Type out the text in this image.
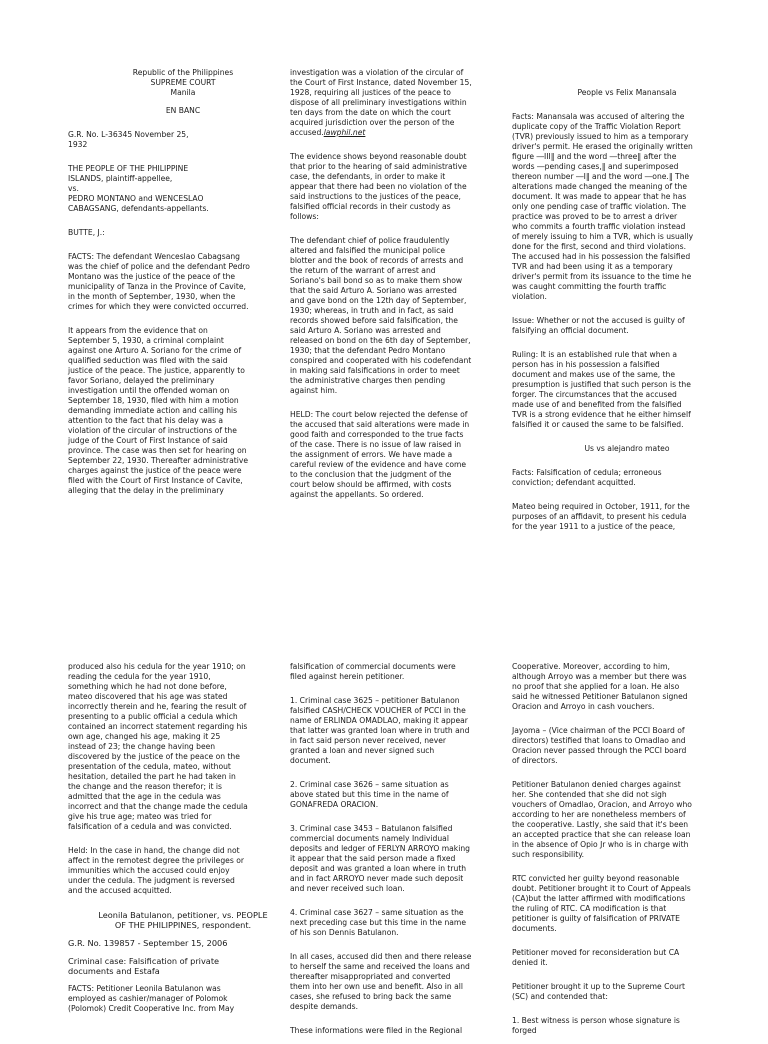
Republic of the Philippines
SUPREME COURT
Manila

EN BANC

G.R. No. L-36345 November 25,
1932

THE PEOPLE OF THE PHILIPPINE
ISLANDS, plaintiff-appellee,
vs.
PEDRO MONTANO and WENCESLAO
CABAGSANG, defendants-appellants.

BUTTE, J.:

FACTS: The defendant Wenceslao Cabagsang
was the chief of police and the defendant Pedro
Montano was the justice of the peace of the
municipality of Tanza in the Province of Cavite,
in the month of September, 1930, when the
crimes for which they were convicted occurred.

It appears from the evidence that on
September 5, 1930, a criminal complaint
against one Arturo A. Soriano for the crime of
qualified seduction was filed with the said
justice of the peace. The justice, apparently to
favor Soriano, delayed the preliminary
investigation until the offended woman on
September 18, 1930, filed with him a motion
demanding immediate action and calling his
attention to the fact that his delay was a
violation of the circular of instructions of the
judge of the Court of First Instance of said
province. The case was then set for hearing on
September 22, 1930. Thereafter administrative
charges against the justice of the peace were
filed with the Court of First Instance of Cavite,
alleging that the delay in the preliminary

investigation was a violation of the circular of
the Court of First Instance, dated November 15,
1928, requiring all justices of the peace to
dispose of all preliminary investigations within
ten days from the date on which the court
acquired jurisdiction over the person of the
accused.lawphil.net

The evidence shows beyond reasonable doubt
that prior to the hearing of said administrative
case, the defendants, in order to make it
appear that there had been no violation of the
said instructions to the justices of the peace,
falsified official records in their custody as
follows:

The defendant chief of police fraudulently
altered and falsified the municipal police
blotter and the book of records of arrests and
the return of the warrant of arrest and
Soriano's bail bond so as to make them show
that the said Arturo A. Soriano was arrested
and gave bond on the 12th day of September,
1930; whereas, in truth and in fact, as said
records showed before said falsification, the
said Arturo A. Soriano was arrested and
released on bond on the 6th day of September,
1930; that the defendant Pedro Montano
conspired and cooperated with his codefendant
in making said falsifications in order to meet
the administrative charges then pending
against him.

HELD: The court below rejected the defense of
the accused that said alterations were made in
good faith and corresponded to the true facts
of the case. There is no issue of law raised in
the assignment of errors. We have made a
careful review of the evidence and have come
to the conclusion that the judgment of the
court below should be affirmed, with costs
against the appellants. So ordered.

People vs Felix Manansala

Facts: Manansala was accused of altering the
duplicate copy of the Traffic Violation Report
(TVR) previously issued to him as a temporary
driver's permit. He erased the originally written
figure ―III‖ and the word ―three‖ after the
words ―pending cases,‖ and superimposed
thereon number ―I‖ and the word ―one.‖ The
alterations made changed the meaning of the
document. It was made to appear that he has
only one pending case of traffic violation. The
practice was proved to be to arrest a driver
who commits a fourth traffic violation instead
of merely issuing to him a TVR, which is usually
done for the first, second and third violations.
The accused had in his possession the falsified
TVR and had been using it as a temporary
driver's permit from its issuance to the time he
was caught committing the fourth traffic
violation.

Issue: Whether or not the accused is guilty of
falsifying an official document.

Ruling: It is an established rule that when a
person has in his possession a falsified
document and makes use of the same, the
presumption is justified that such person is the
forger. The circumstances that the accused
made use of and benefited from the falsified
TVR is a strong evidence that he either himself
falsified it or caused the same to be falsified.

Us vs alejandro mateo

Facts: Falsification of cedula; erroneous
conviction; defendant acquitted.

Mateo being required in October, 1911, for the
purposes of an affidavit, to present his cedula
for the year 1911 to a justice of the peace,

produced also his cedula for the year 1910; on
reading the cedula for the year 1910,
something which he had not done before,
mateo discovered that his age was stated
incorrectly therein and he, fearing the result of
presenting to a public official a cedula which
contained an incorrect statement regarding his
own age, changed his age, making it 25
instead of 23; the change having been
discovered by the justice of the peace on the
presentation of the cedula, mateo, without
hesitation, detailed the part he had taken in
the change and the reason therefor; it is
admitted that the age in the cedula was
incorrect and that the change made the cedula
give his true age; mateo was tried for
falsification of a cedula and was convicted.

Held: In the case in hand, the change did not
affect in the remotest degree the privileges or
immunities which the accused could enjoy
under the cedula. The judgment is reversed
and the accused acquitted.

Leonila Batulanon, petitioner, vs. PEOPLE
OF THE PHILIPPINES, respondent.

G.R. No. 139857 - September 15, 2006

Criminal case: Falsification of private
documents and Estafa

FACTS: Petitioner Leonila Batulanon was
employed as cashier/manager of Polomok
(Polomok) Credit Cooperative Inc. from May

falsification of commercial documents were
filed against herein petitioner.

1. Criminal case 3625 – petitioner Batulanon
falsified CASH/CHECK VOUCHER of PCCI in the
name of ERLINDA OMADLAO, making it appear
that latter was granted loan where in truth and
in fact said person never received, never
granted a loan and never signed such
document.

2. Criminal case 3626 – same situation as
above stated but this time in the name of
GONAFREDA ORACION.

3. Criminal case 3453 – Batulanon falsified
commercial documents namely Individual
deposits and ledger of FERLYN ARROYO making
it appear that the said person made a fixed
deposit and was granted a loan where in truth
and in fact ARROYO never made such deposit
and never received such loan.

4. Criminal case 3627 – same situation as the
next preceding case but this time in the name
of his son Dennis Batulanon.

In all cases, accused did then and there release
to herself the same and received the loans and
thereafter misappropriated and converted
them into her own use and benefit. Also in all
cases, she refused to bring back the same
despite demands.

These informations were filed in the Regional

Cooperative. Moreover, according to him,
although Arroyo was a member but there was
no proof that she applied for a loan. He also
said he witnessed Petitioner Batulanon signed
Oracion and Arroyo in cash vouchers.

Jayoma – (Vice chairman of the PCCI Board of
directors) testified that loans to Omadlao and
Oracion never passed through the PCCI board
of directors.

Petitioner Batulanon denied charges against
her. She contended that she did not sigh
vouchers of Omadlao, Oracion, and Arroyo who
according to her are nonetheless members of
the cooperative. Lastly, she said that it's been
an accepted practice that she can release loan
in the absence of Opio Jr who is in charge with
such responsibility.

RTC convicted her guilty beyond reasonable
doubt. Petitioner brought it to Court of Appeals
(CA)but the latter affirmed with modifications
the ruling of RTC. CA modification is that
petitioner is guilty of falsification of PRIVATE
documents.

Petitioner moved for reconsideration but CA
denied it.

Petitioner brought it up to the Supreme Court
(SC) and contended that:

1. Best witness is person whose signature is
forged
